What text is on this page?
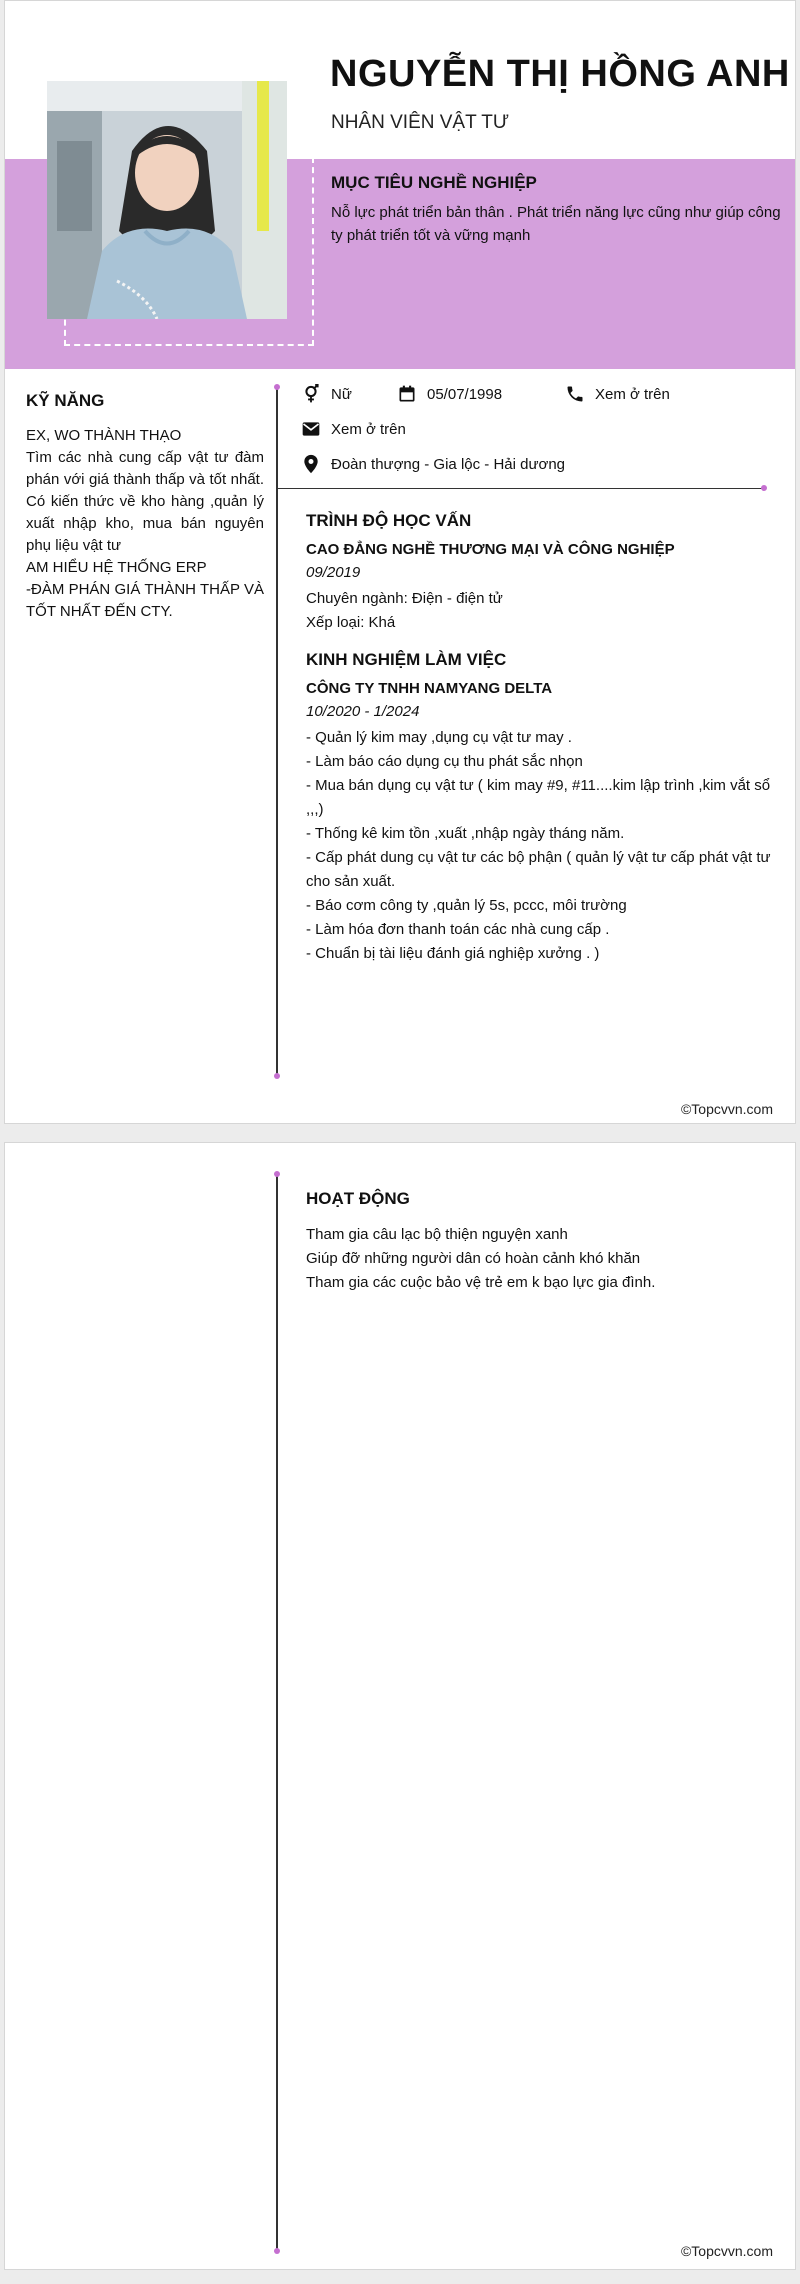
NGUYỄN THỊ HỒNG ANH
NHÂN VIÊN VẬT TƯ
MỤC TIÊU NGHỀ NGHIỆP

Nỗ lực phát triển bản thân . Phát triển năng lực cũng như giúp công ty phát triển tốt và vững mạnh

KỸ NĂNG
EX, WO THÀNH THẠO
Tìm các nhà cung cấp vật tư đàm phán với giá thành thấp và tốt nhất. Có kiến thức về kho hàng ,quản lý xuất nhập kho, mua bán nguyên phụ liệu vật tư
AM HIỂU HỆ THỐNG ERP
-ĐÀM PHÁN GIÁ THÀNH THẤP VÀ TỐT NHẤT ĐẾN CTY.
Nữ	05/07/1998	Xem ở trên
Xem ở trên
Đoàn thượng - Gia lộc - Hải dương
TRÌNH ĐỘ HỌC VẤN
CAO ĐẲNG NGHỀ THƯƠNG MẠI VÀ CÔNG NGHIỆP
09/2019
Chuyên ngành: Điện - điện tử
Xếp loại: Khá
KINH NGHIỆM LÀM VIỆC
CÔNG TY TNHH NAMYANG DELTA
10/2020 - 1/2024
- Quản lý kim may ,dụng cụ vật tư may .
- Làm báo cáo dụng cụ thu phát sắc nhọn
- Mua bán dụng cụ vật tư ( kim may #9, #11....kim lập trình ,kim vắt sổ ,,,)
- Thống kê kim tồn ,xuất ,nhập ngày tháng năm.
- Cấp phát dung cụ vật tư các bộ phận ( quản lý vật tư cấp phát vật tư cho sản xuất.
- Báo cơm công ty ,quản lý 5s, pccc, môi trường
- Làm hóa đơn thanh toán các nhà cung cấp .
- Chuẩn bị tài liệu đánh giá nghiệp xưởng . )
©Topcvvn.com
HOẠT ĐỘNG
Tham gia câu lạc bộ thiện nguyện xanh
Giúp đỡ những người dân có hoàn cảnh khó khăn
Tham gia các cuộc bảo vệ trẻ em k bạo lực gia đình.
©Topcvvn.com
